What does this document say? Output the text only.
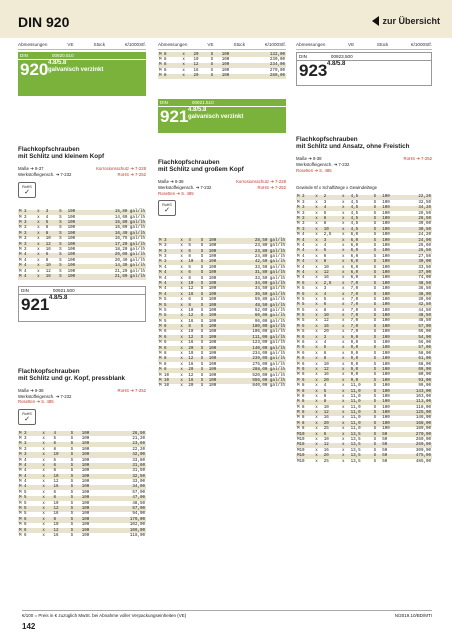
DIN 920	zur Übersicht
Abmessungen	VE	Stück	€/1000Stf.
DIN	00920.510
920 4.8/5.8
galvanisch verzinkt
Flachkopfschrauben
mit Schlitz und kleinem Kopf
Maße ➔ 8-37	Korrosionsschutz ➔ 7-228
Werkstoffeigensch. ➔ 7-232	RoHS ➔ 7-252
RoHS
✓
M 3	x	3	S	100	15,80 gal/lh
M 3	x	4	S	100	14,60 gal/lh
M 3	x	5	S	100	15,80 gal/lh
M 3	x	6	S	100	16,00 gal/lh
M 3	x	8	S	100	16,40 gal/lh
M 3	x	10	S	100	16,75 gal/lh
M 3	x	12	S	100	17,20 gal/lh
M 3	x	16	S	100	18,20 gal/lh
M 4	x	6	S	100	20,00 gal/lh
M 4	x	8	S	100	20,40 gal/lh
M 4	x	10	S	100	14,30 gal/lh
M 4	x	12	S	100	21,20 gal/lh
M 4	x	16	S	100	21,60 gal/lh
DIN	00921.500
921 4.8/5.8
Flachkopfschrauben
mit Schlitz und gr. Kopf, pressblank
Maße ➔ 8-38	RoHS ➔ 7-252
Werkstoffeigensch. ➔ 7-232
Rosetten ➔ S. 485
RoHS
✓
M 3	x	4	S	100	26,50
M 3	x	5	S	100	21,20
M 3	x	6	S	100	23,60
M 3	x	8	S	100	22,20
M 3	x	10	S	100	42,00
M 4	x	5	S	100	33,80
M 4	x	6	S	100	31,60
M 4	x	8	S	100	31,50
M 4	x	10	S	100	32,50
M 4	x	12	S	100	33,00
M 4	x	16	S	100	34,00
M 5	x	6	S	100	57,00
M 5	x	8	S	100	47,00
M 5	x	10	S	100	48,50
M 5	x	12	S	100	57,00
M 5	x	16	S	100	94,00
M 6	x	8	S	100	176,00
M 6	x	10	S	100	102,00
M 6	x	12	S	100	106,00
M 6	x	16	S	100	118,00
Abmessungen	VE	Stück	€/1000Stf.
M 8	x	20	S	100	132,00
M 8	x	10	S	100	230,00
M 8	x	12	S	100	234,00
M 8	x	16	S	100	270,00
M 8	x	20	S	100	280,00
DIN	00921.510
921 4.8/5.8
galvanisch verzinkt
Flachkopfschrauben
mit Schlitz und großem Kopf
Maße ➔ 8-38	Korrosionsschutz ➔ 7-228
Werkstoffeigensch. ➔ 7-232	RoHS ➔ 7-252
Rosetten ➔ S. 485
RoHS
✓
M 3	x	4	S	100	28,50 gal/lh
M 3	x	5	S	100	23,80 gal/lh
M 3	x	6	S	100	23,80 gal/lh
M 3	x	8	S	100	24,80 gal/lh
M 3	x	10	S	100	42,50 gal/lh
M 4	x	5	S	100	33,50 gal/lh
M 4	x	6	S	100	31,80 gal/lh
M 4	x	8	S	100	33,50 gal/lh
M 4	x	10	S	100	34,00 gal/lh
M 4	x	12	S	100	34,50 gal/lh
M 4	x	16	S	100	36,50 gal/lh
M 5	x	6	S	100	59,80 gal/lh
M 5	x	8	S	100	48,50 gal/lh
M 5	x	10	S	100	52,00 gal/lh
M 5	x	12	S	100	60,00 gal/lh
M 5	x	16	S	100	96,00 gal/lh
M 6	x	8	S	100	180,00 gal/lh
M 6	x	10	S	100	106,00 gal/lh
M 6	x	12	S	100	111,00 gal/lh
M 6	x	16	S	100	123,00 gal/lh
M 6	x	20	S	100	140,00 gal/lh
M 8	x	10	S	100	234,00 gal/lh
M 8	x	12	S	100	239,00 gal/lh
M 8	x	16	S	100	275,00 gal/lh
M 8	x	20	S	100	288,00 gal/lh
M 10	x	12	S	100	520,00 gal/lh
M 10	x	16	S	100	556,00 gal/lh
M 10	x	20	S	100	840,00 gal/lh
Abmessungen	VE	Stück	€/1000Stf.
DIN	00923.500
923 4.8/5.8
Flachkopfschrauben
mit Schlitz und Ansatz, ohne Freistich
Maße ➔ 8-38	RoHS ➔ 7-252
Werkstoffeigensch. ➔ 7-232
Rosetten ➔ S. 485
Gewinde 6f x Schaftlänge x Gewindelänge
M 3	x	2	x	4,5	S	100	22,20
M 3	x	3	x	4,5	S	100	32,50
M 3	x	4	x	4,5	S	100	34,20
M 3	x	5	x	4,5	S	100	26,50
M 3	x	6	x	4,5	S	100	26,50
M 3	x	8	x	4,5	S	100	39,60
M 3	x	10	x	4,5	S	100	30,50
M 4	x	2,5	x	6,0	S	100	24,20
M 4	x	3	x	6,0	S	100	24,90
M 4	x	4	x	6,0	S	100	26,60
M 4	x	5	x	6,0	S	100	26,50
M 4	x	6	x	6,0	S	100	27,50
M 4	x	8	x	6,0	S	100	30,00
M 4	x	10	x	6,0	S	100	33,50
M 4	x	12	x	6,0	S	100	37,00
M 4	x	16	x	6,0	S	100	74,00
M 5	x	2,5	x	7,0	S	100	48,50
M 5	x	3	x	7,0	S	100	36,50
M 5	x	4	x	7,0	S	100	38,00
M 5	x	5	x	7,0	S	100	39,60
M 5	x	6	x	7,0	S	100	42,50
M 5	x	8	x	7,0	S	100	44,50
M 5	x	10	x	7,0	S	100	48,50
M 5	x	12	x	7,0	S	100	48,50
M 5	x	16	x	7,0	S	100	57,00
M 5	x	20	x	7,0	S	100	66,00
M 6	x	3	x	9,0	S	100	54,00
M 6	x	4	x	9,0	S	100	56,00
M 6	x	5	x	9,0	S	100	57,00
M 6	x	6	x	9,0	S	100	58,00
M 6	x	8	x	9,0	S	100	61,00
M 6	x	10	x	9,0	S	100	68,00
M 6	x	12	x	9,0	S	100	69,00
M 6	x	16	x	9,0	S	100	80,00
M 6	x	20	x	9,0	S	100	93,00
M 8	x	4	x	11,0	S	100	99,00
M 8	x	5	x	11,0	S	100	143,00
M 8	x	6	x	11,0	S	100	103,00
M 8	x	8	x	11,0	S	100	113,00
M 8	x	10	x	11,0	S	100	118,00
M 8	x	12	x	11,0	S	100	125,00
M 8	x	16	x	11,0	S	100	146,00
M 8	x	20	x	11,0	S	100	168,00
M 8	x	25	x	11,0	S	100	189,00
M10	x	6	x	13,5	S	50	270,00
M10	x	10	x	13,5	S	50	260,00
M10	x	12	x	13,5	S	50	260,00
M10	x	16	x	13,5	S	50	300,00
M10	x	20	x	13,5	S	50	475,00
M10	x	25	x	13,5	S	50	485,00
€/100 = Preis in € zuzüglich MwSt. bei Abnahme voller Verpackungseinheiten (VE)	N/2019.10/BD/MTI
142
